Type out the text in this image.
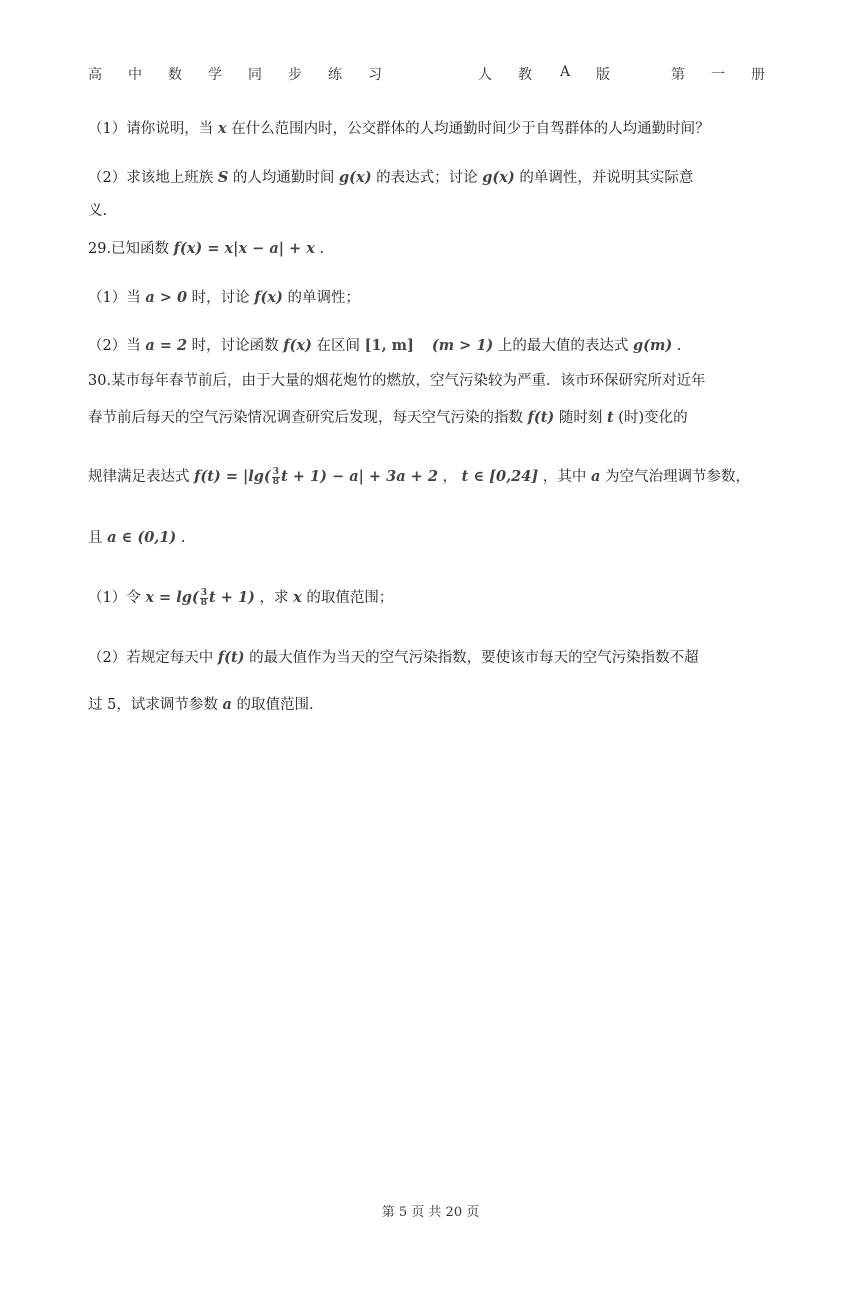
高 中 数 学 同 步 练 习	人 教 A 版	第 一 册
（1）请你说明，当 x 在什么范围内时，公交群体的人均通勤时间少于自驾群体的人均通勤时间？
（2）求该地上班族 S 的人均通勤时间 g(x) 的表达式；讨论 g(x) 的单调性，并说明其实际意
义.
29.已知函数 f(x) = x|x − a| + x .
（1）当 a > 0 时，讨论 f(x) 的单调性；
（2）当 a = 2 时，讨论函数 f(x) 在区间 [1, m] (m > 1) 上的最大值的表达式 g(m) .
30.某市每年春节前后，由于大量的烟花炮竹的燃放，空气污染较为严重．该市环保研究所对近年
春节前后每天的空气污染情况调查研究后发现，每天空气污染的指数 f(t) 随时刻 t (时)变化的
规律满足表达式 $f(t) = |\lg( \frac{3}{8}$ t + 1) − a| + 3a + 2 ， t ∈ [0,24] ，其中 a 为空气治理调节参数，
且 a ∈ (0,1) .
（1）令 $x = \lg( \frac{3}{8}$ t + 1) ，求 x 的取值范围；
（2）若规定每天中 f(t) 的最大值作为当天的空气污染指数，要使该市每天的空气污染指数不超
过 5，试求调节参数 a 的取值范围.
第 5 页 共 20 页
